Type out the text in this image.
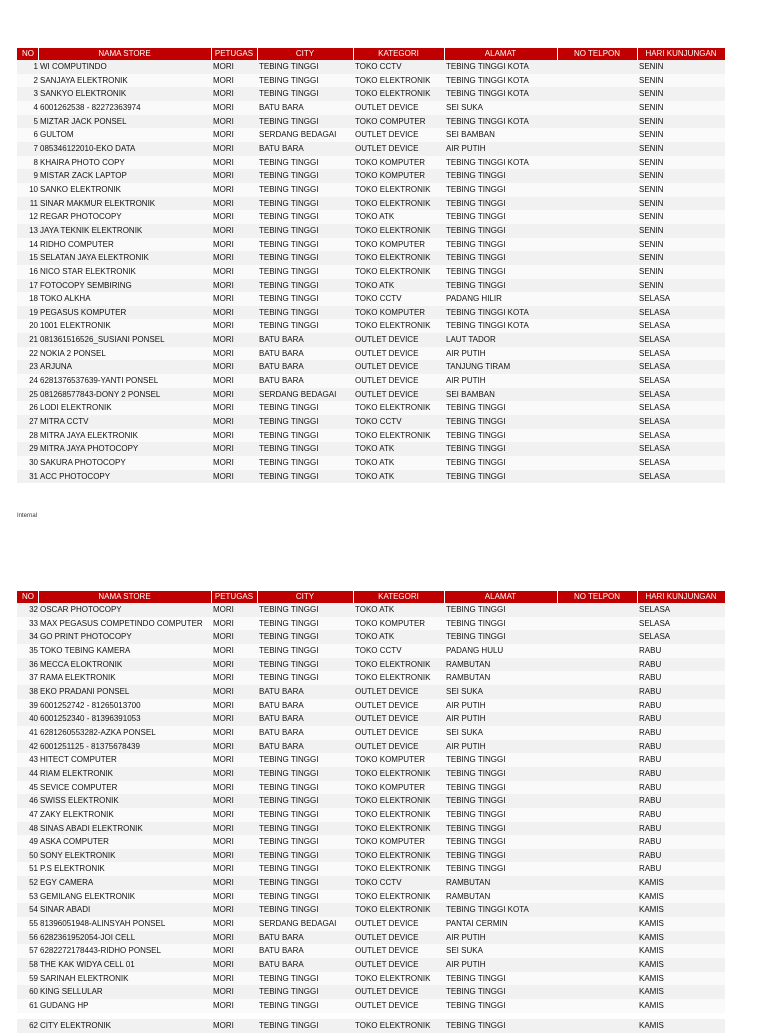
NO	NAMA STORE	PETUGAS	CITY	KATEGORI	ALAMAT	NO TELPON	HARI KUNJUNGAN
1	WI COMPUTINDO	MORI	TEBING TINGGI	TOKO CCTV	TEBING TINGGI KOTA		SENIN
2	SANJAYA ELEKTRONIK	MORI	TEBING TINGGI	TOKO ELEKTRONIK	TEBING TINGGI KOTA		SENIN
3	SANKYO ELEKTRONIK	MORI	TEBING TINGGI	TOKO ELEKTRONIK	TEBING TINGGI KOTA		SENIN
4	6001262538 - 82272363974	MORI	BATU BARA	OUTLET DEVICE	SEI SUKA		SENIN
5	MIZTAR JACK PONSEL	MORI	TEBING TINGGI	TOKO COMPUTER	TEBING TINGGI KOTA		SENIN
6	GULTOM	MORI	SERDANG BEDAGAI	OUTLET DEVICE	SEI BAMBAN		SENIN
7	085346122010-EKO DATA	MORI	BATU BARA	OUTLET DEVICE	AIR PUTIH		SENIN
8	KHAIRA PHOTO COPY	MORI	TEBING TINGGI	TOKO KOMPUTER	TEBING TINGGI KOTA		SENIN
9	MISTAR ZACK LAPTOP	MORI	TEBING TINGGI	TOKO KOMPUTER	TEBING TINGGI		SENIN
10	SANKO ELEKTRONIK	MORI	TEBING TINGGI	TOKO ELEKTRONIK	TEBING TINGGI		SENIN
11	SINAR MAKMUR ELEKTRONIK	MORI	TEBING TINGGI	TOKO ELEKTRONIK	TEBING TINGGI		SENIN
12	REGAR PHOTOCOPY	MORI	TEBING TINGGI	TOKO ATK	TEBING TINGGI		SENIN
13	JAYA TEKNIK ELEKTRONIK	MORI	TEBING TINGGI	TOKO ELEKTRONIK	TEBING TINGGI		SENIN
14	RIDHO COMPUTER	MORI	TEBING TINGGI	TOKO KOMPUTER	TEBING TINGGI		SENIN
15	SELATAN JAYA ELEKTRONIK	MORI	TEBING TINGGI	TOKO ELEKTRONIK	TEBING TINGGI		SENIN
16	NICO STAR ELEKTRONIK	MORI	TEBING TINGGI	TOKO ELEKTRONIK	TEBING TINGGI		SENIN
17	FOTOCOPY SEMBIRING	MORI	TEBING TINGGI	TOKO ATK	TEBING TINGGI		SENIN
18	TOKO ALKHA	MORI	TEBING TINGGI	TOKO CCTV	PADANG HILIR		SELASA
19	PEGASUS KOMPUTER	MORI	TEBING TINGGI	TOKO KOMPUTER	TEBING TINGGI KOTA		SELASA
20	1001 ELEKTRONIK	MORI	TEBING TINGGI	TOKO ELEKTRONIK	TEBING TINGGI KOTA		SELASA
21	081361516526_SUSIANI PONSEL	MORI	BATU BARA	OUTLET DEVICE	LAUT TADOR		SELASA
22	NOKIA 2 PONSEL	MORI	BATU BARA	OUTLET DEVICE	AIR PUTIH		SELASA
23	ARJUNA	MORI	BATU BARA	OUTLET DEVICE	TANJUNG TIRAM		SELASA
24	6281376537639-YANTI PONSEL	MORI	BATU BARA	OUTLET DEVICE	AIR PUTIH		SELASA
25	081268577843-DONY 2 PONSEL	MORI	SERDANG BEDAGAI	OUTLET DEVICE	SEI BAMBAN		SELASA
26	LODI ELEKTRONIK	MORI	TEBING TINGGI	TOKO ELEKTRONIK	TEBING TINGGI		SELASA
27	MITRA CCTV	MORI	TEBING TINGGI	TOKO CCTV	TEBING TINGGI		SELASA
28	MITRA JAYA ELEKTRONIK	MORI	TEBING TINGGI	TOKO ELEKTRONIK	TEBING TINGGI		SELASA
29	MITRA JAYA PHOTOCOPY	MORI	TEBING TINGGI	TOKO ATK	TEBING TINGGI		SELASA
30	SAKURA PHOTOCOPY	MORI	TEBING TINGGI	TOKO ATK	TEBING TINGGI		SELASA
31	ACC PHOTOCOPY	MORI	TEBING TINGGI	TOKO ATK	TEBING TINGGI		SELASA
Internal
NO	NAMA STORE	PETUGAS	CITY	KATEGORI	ALAMAT	NO TELPON	HARI KUNJUNGAN
32	OSCAR PHOTOCOPY	MORI	TEBING TINGGI	TOKO ATK	TEBING TINGGI		SELASA
33	MAX PEGASUS COMPETINDO COMPUTER	MORI	TEBING TINGGI	TOKO KOMPUTER	TEBING TINGGI		SELASA
34	GO PRINT PHOTOCOPY	MORI	TEBING TINGGI	TOKO ATK	TEBING TINGGI		SELASA
35	TOKO TEBING KAMERA	MORI	TEBING TINGGI	TOKO CCTV	PADANG HULU		RABU
36	MECCA ELOKTRONIK	MORI	TEBING TINGGI	TOKO ELEKTRONIK	RAMBUTAN		RABU
37	RAMA ELEKTRONIK	MORI	TEBING TINGGI	TOKO ELEKTRONIK	RAMBUTAN		RABU
38	EKO PRADANI PONSEL	MORI	BATU BARA	OUTLET DEVICE	SEI SUKA		RABU
39	6001252742 - 81265013700	MORI	BATU BARA	OUTLET DEVICE	AIR PUTIH		RABU
40	6001252340 - 81396391053	MORI	BATU BARA	OUTLET DEVICE	AIR PUTIH		RABU
41	6281260553282-AZKA PONSEL	MORI	BATU BARA	OUTLET DEVICE	SEI SUKA		RABU
42	6001251125 - 81375678439	MORI	BATU BARA	OUTLET DEVICE	AIR PUTIH		RABU
43	HITECT COMPUTER	MORI	TEBING TINGGI	TOKO KOMPUTER	TEBING TINGGI		RABU
44	RIAM ELEKTRONIK	MORI	TEBING TINGGI	TOKO ELEKTRONIK	TEBING TINGGI		RABU
45	SEVICE COMPUTER	MORI	TEBING TINGGI	TOKO KOMPUTER	TEBING TINGGI		RABU
46	SWISS ELEKTRONIK	MORI	TEBING TINGGI	TOKO ELEKTRONIK	TEBING TINGGI		RABU
47	ZAKY ELEKTRONIK	MORI	TEBING TINGGI	TOKO ELEKTRONIK	TEBING TINGGI		RABU
48	SINAS ABADI ELEKTRONIK	MORI	TEBING TINGGI	TOKO ELEKTRONIK	TEBING TINGGI		RABU
49	ASKA COMPUTER	MORI	TEBING TINGGI	TOKO KOMPUTER	TEBING TINGGI		RABU
50	SONY ELEKTRONIK	MORI	TEBING TINGGI	TOKO ELEKTRONIK	TEBING TINGGI		RABU
51	P.S ELEKTRONIK	MORI	TEBING TINGGI	TOKO ELEKTRONIK	TEBING TINGGI		RABU
52	EGY CAMERA	MORI	TEBING TINGGI	TOKO CCTV	RAMBUTAN		KAMIS
53	GEMILANG ELEKTRONIK	MORI	TEBING TINGGI	TOKO ELEKTRONIK	RAMBUTAN		KAMIS
54	SINAR ABADI	MORI	TEBING TINGGI	TOKO ELEKTRONIK	TEBING TINGGI KOTA		KAMIS
55	81396051948-ALINSYAH PONSEL	MORI	SERDANG BEDAGAI	OUTLET DEVICE	PANTAI CERMIN		KAMIS
56	6282361952054-JOI CELL	MORI	BATU BARA	OUTLET DEVICE	AIR PUTIH		KAMIS
57	6282272178443-RIDHO PONSEL	MORI	BATU BARA	OUTLET DEVICE	SEI SUKA		KAMIS
58	THE KAK WIDYA CELL 01	MORI	BATU BARA	OUTLET DEVICE	AIR PUTIH		KAMIS
59	SARINAH ELEKTRONIK	MORI	TEBING TINGGI	TOKO ELEKTRONIK	TEBING TINGGI		KAMIS
60	KING SELLULAR	MORI	TEBING TINGGI	OUTLET DEVICE	TEBING TINGGI		KAMIS
61	GUDANG HP	MORI	TEBING TINGGI	OUTLET DEVICE	TEBING TINGGI		KAMIS
62	CITY ELEKTRONIK	MORI	TEBING TINGGI	TOKO ELEKTRONIK	TEBING TINGGI		KAMIS
